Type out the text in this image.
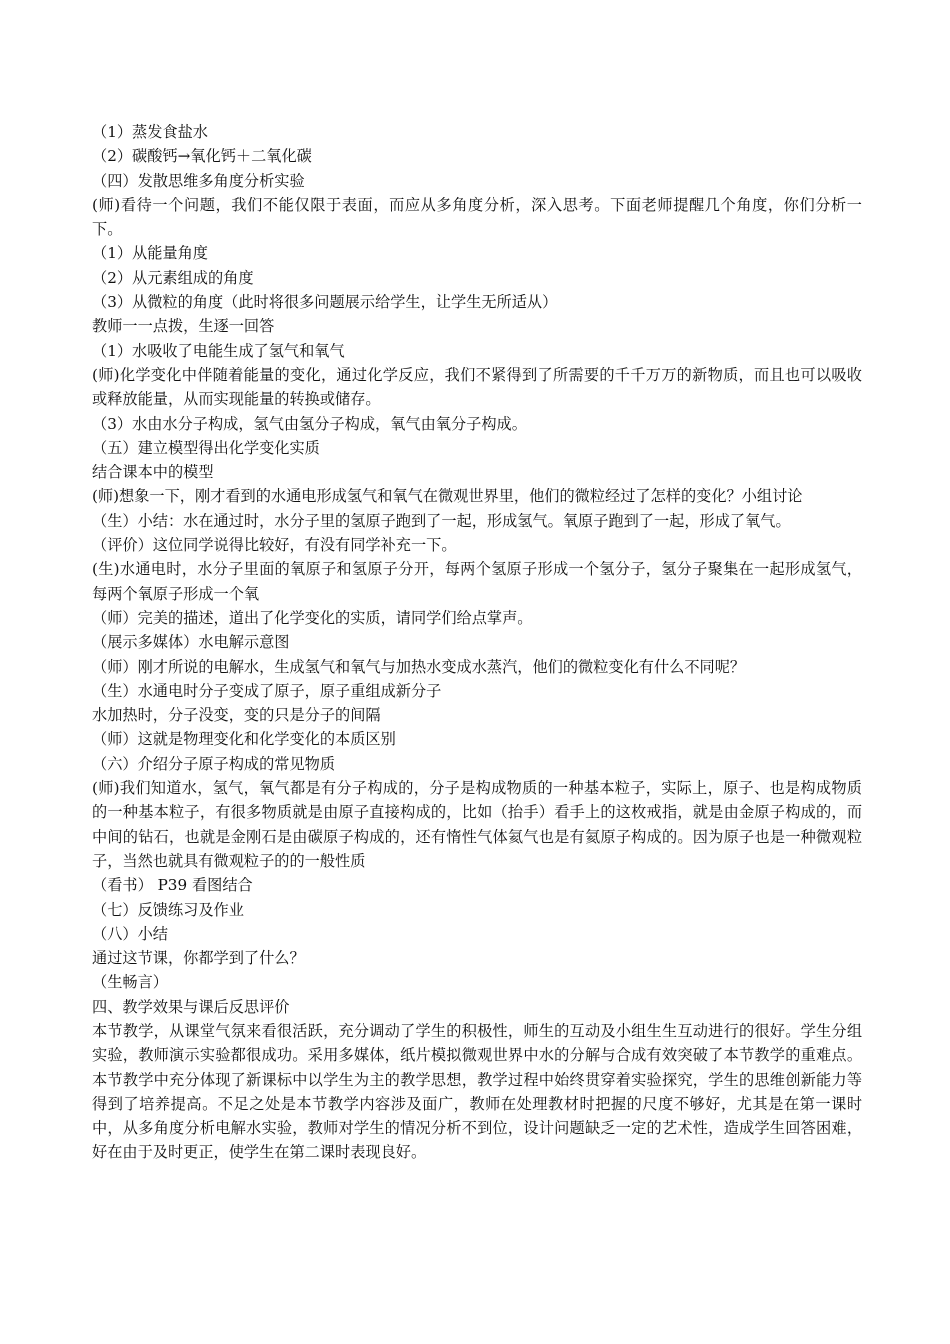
（1）蒸发食盐水

（2）碳酸钙→氧化钙＋二氧化碳

（四）发散思维多角度分析实验

(师)看待一个问题，我们不能仅限于表面，而应从多角度分析，深入思考。下面老师提醒几个角度，你们分析一下。

（1）从能量角度

（2）从元素组成的角度

（3）从微粒的角度（此时将很多问题展示给学生，让学生无所适从）

教师一一点拨，生逐一回答

（1）水吸收了电能生成了氢气和氧气

(师)化学变化中伴随着能量的变化，通过化学反应，我们不紧得到了所需要的千千万万的新物质，而且也可以吸收或释放能量，从而实现能量的转换或储存。

（3）水由水分子构成，氢气由氢分子构成，氧气由氧分子构成。

（五）建立模型得出化学变化实质

结合课本中的模型

(师)想象一下，刚才看到的水通电形成氢气和氧气在微观世界里，他们的微粒经过了怎样的变化？小组讨论

（生）小结：水在通过时，水分子里的氢原子跑到了一起，形成氢气。氧原子跑到了一起，形成了氧气。

（评价）这位同学说得比较好，有没有同学补充一下。

(生)水通电时，水分子里面的氧原子和氢原子分开，每两个氢原子形成一个氢分子，氢分子聚集在一起形成氢气，每两个氧原子形成一个氧

（师）完美的描述，道出了化学变化的实质，请同学们给点掌声。

（展示多媒体）水电解示意图

（师）刚才所说的电解水，生成氢气和氧气与加热水变成水蒸汽，他们的微粒变化有什么不同呢？

（生）水通电时分子变成了原子，原子重组成新分子

水加热时，分子没变，变的只是分子的间隔

（师）这就是物理变化和化学变化的本质区别

（六）介绍分子原子构成的常见物质

(师)我们知道水，氢气，氧气都是有分子构成的，分子是构成物质的一种基本粒子，实际上，原子、也是构成物质的一种基本粒子，有很多物质就是由原子直接构成的，比如（抬手）看手上的这枚戒指，就是由金原子构成的，而中间的钻石，也就是金刚石是由碳原子构成的，还有惰性气体氦气也是有氦原子构成的。因为原子也是一种微观粒子，当然也就具有微观粒子的的一般性质

（看书） P39 看图结合

（七）反馈练习及作业

（八）小结

通过这节课，你都学到了什么？

（生畅言）

四、教学效果与课后反思评价

本节教学，从课堂气氛来看很活跃，充分调动了学生的积极性，师生的互动及小组生生互动进行的很好。学生分组实验，教师演示实验都很成功。采用多媒体，纸片模拟微观世界中水的分解与合成有效突破了本节教学的重难点。本节教学中充分体现了新课标中以学生为主的教学思想，教学过程中始终贯穿着实验探究，学生的思维创新能力等得到了培养提高。不足之处是本节教学内容涉及面广，教师在处理教材时把握的尺度不够好，尤其是在第一课时中，从多角度分析电解水实验，教师对学生的情况分析不到位，设计问题缺乏一定的艺术性，造成学生回答困难，好在由于及时更正，使学生在第二课时表现良好。
